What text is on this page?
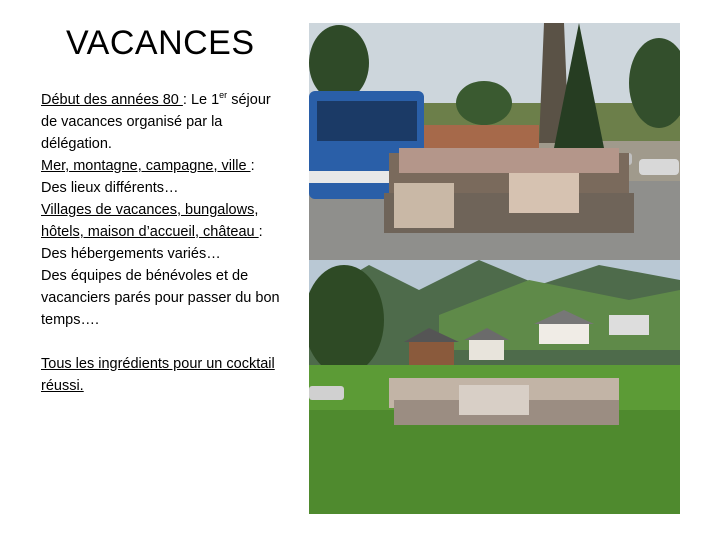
VACANCES

Début des années 80 : Le 1er séjour de vacances organisé par la délégation.

Mer, montagne, campagne, ville : Des lieux différents…

Villages de vacances, bungalows, hôtels, maison d’accueil, château : Des hébergements variés…

Des équipes de bénévoles et de vacanciers parés pour passer du bon temps….

Tous les ingrédients pour un cocktail réussi.
